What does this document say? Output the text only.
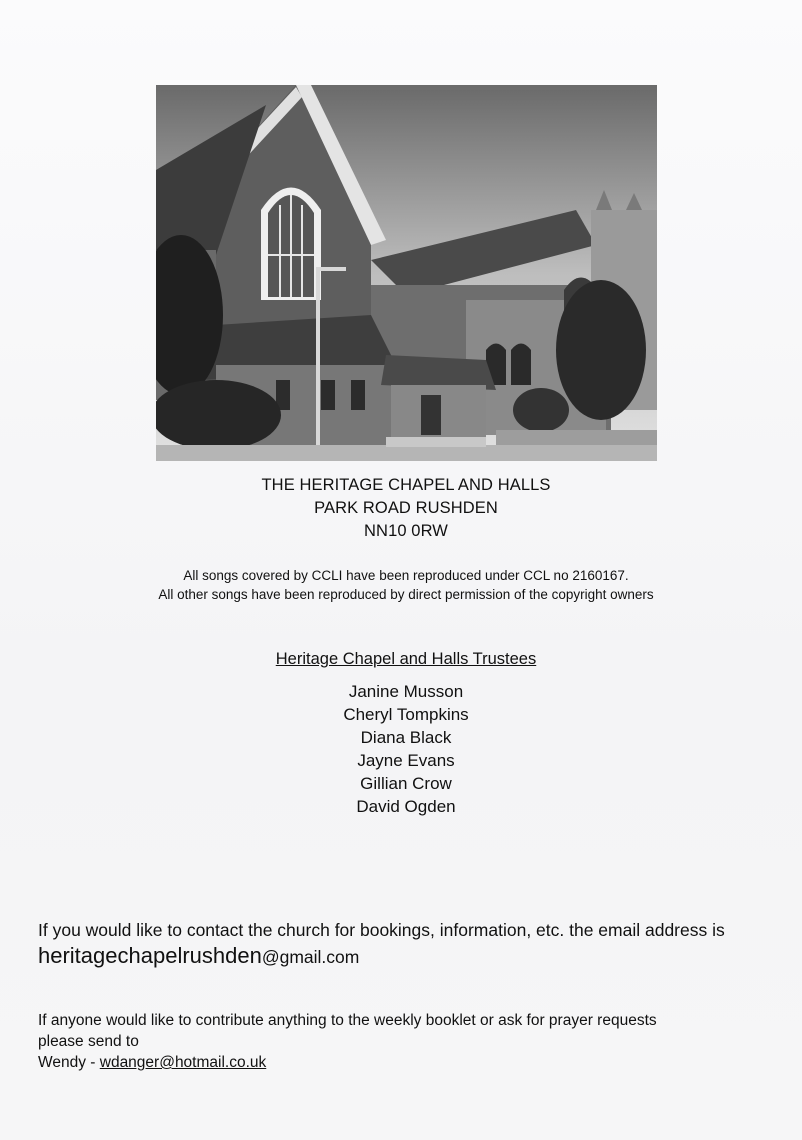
THE HERITAGE CHAPEL AND HALLS
PARK ROAD RUSHDEN
NN10 0RW
All songs covered by CCLI have been reproduced under CCL no 2160167.
All other songs have been reproduced by direct permission of the copyright owners
Heritage Chapel and Halls Trustees
Janine Musson
Cheryl Tompkins
Diana Black
Jayne Evans
Gillian Crow
David Ogden
If you would like to contact the church for bookings, information, etc. the email address is heritagechapelrushden@gmail.com
If anyone would like to contribute anything to the weekly booklet or ask for prayer requests
please send to
Wendy - wdanger@hotmail.co.uk
